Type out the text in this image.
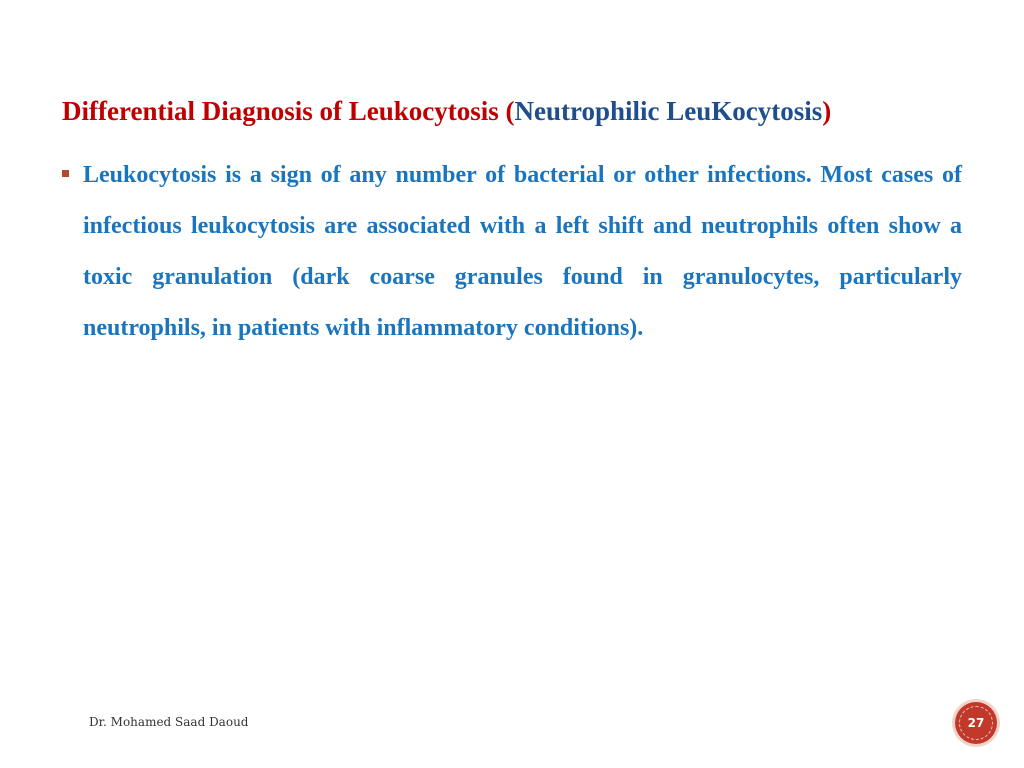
Differential Diagnosis of Leukocytosis (Neutrophilic LeuKocytosis)
Leukocytosis is a sign of any number of bacterial or other infections. Most cases of infectious leukocytosis are associated with a left shift and neutrophils often show a toxic granulation (dark coarse granules found in granulocytes, particularly neutrophils, in patients with inflammatory conditions).
Dr. Mohamed Saad Daoud	27
